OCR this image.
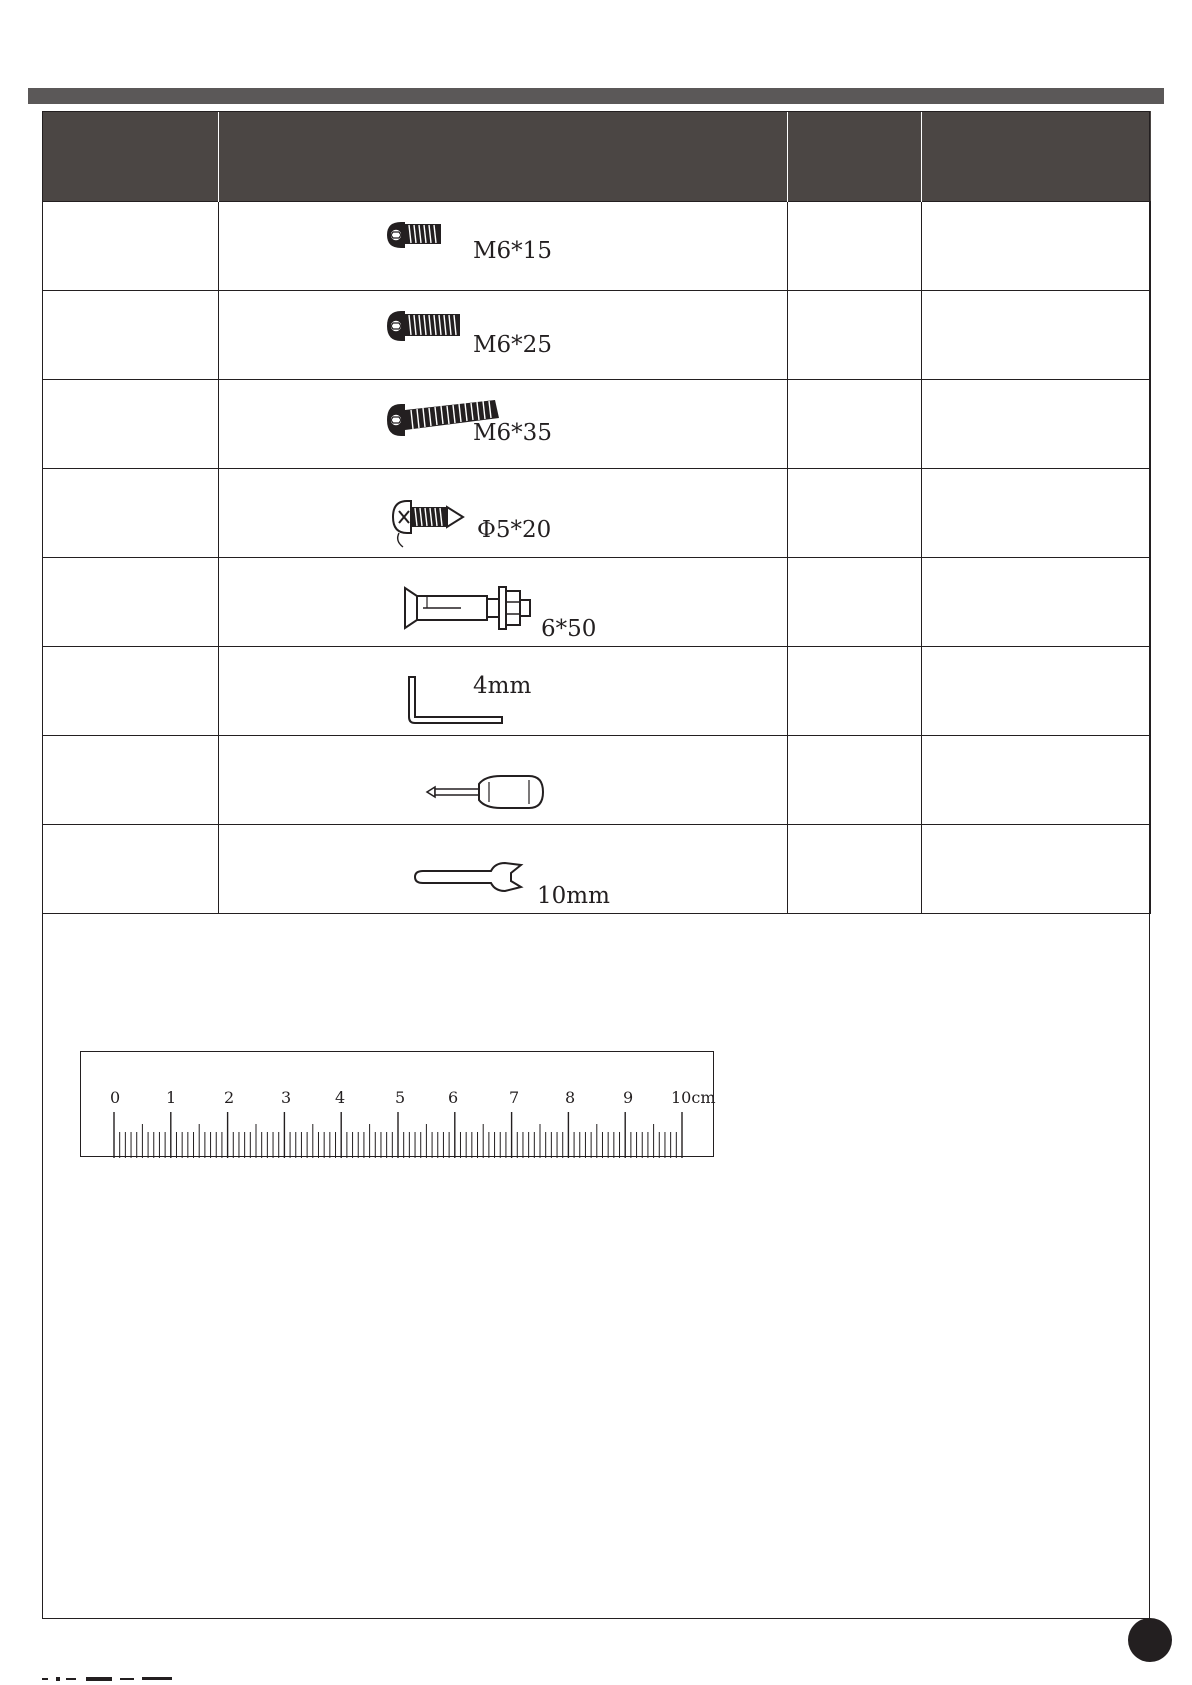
	M6*15		

	M6*25		

	M6*35		

	Φ5*20		

	6*50		

	4mm		

	10mm		

0	1	2	3	4	5	6	7	8	9 10cm
